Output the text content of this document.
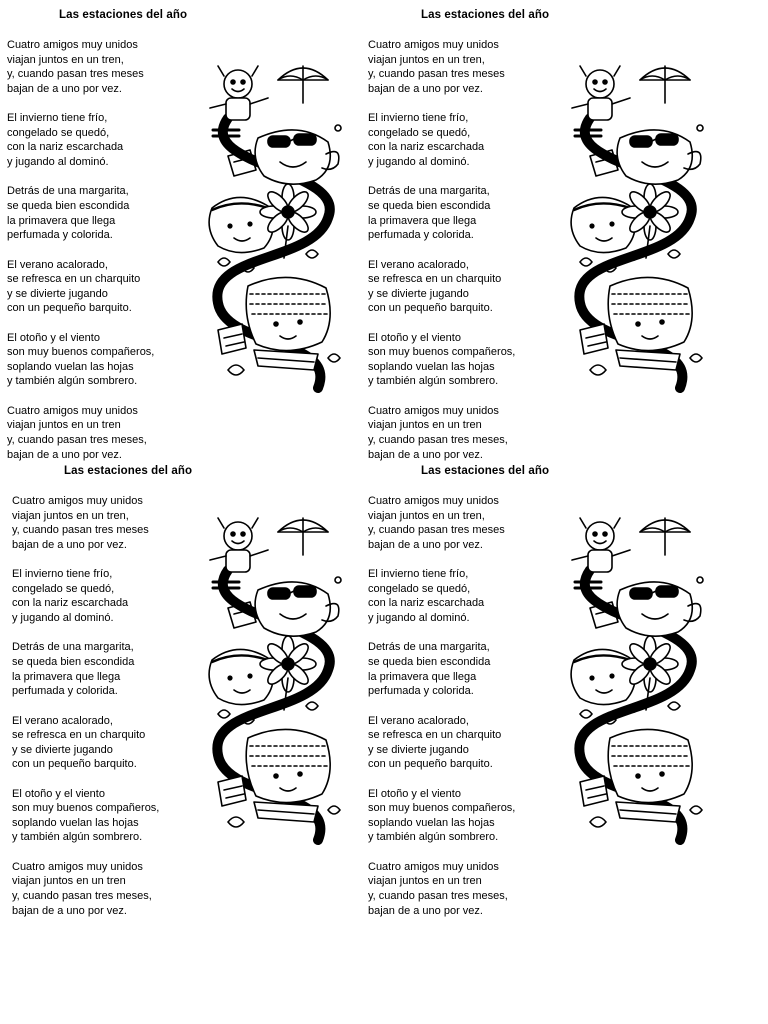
Las estaciones del año
Cuatro amigos muy unidos
viajan juntos en un tren,
y, cuando pasan tres meses
bajan de a uno por vez.
El invierno tiene frío,
congelado se quedó,
con la nariz escarchada
y jugando al dominó.
Detrás de una margarita,
se queda bien escondida
la primavera que llega
perfumada y colorida.
El verano acalorado,
se refresca en un charquito
y se divierte jugando
con un pequeño barquito.
El otoño y el viento
son muy buenos compañeros,
soplando vuelan las hojas
y también algún sombrero.
Cuatro amigos muy unidos
viajan juntos en un tren
y, cuando pasan tres meses,
bajan de a uno por vez.
Las estaciones del año
Cuatro amigos muy unidos
viajan juntos en un tren,
y, cuando pasan tres meses
bajan de a uno por vez.
El invierno tiene frío,
congelado se quedó,
con la nariz escarchada
y jugando al dominó.
Detrás de una margarita,
se queda bien escondida
la primavera que llega
perfumada y colorida.
El verano acalorado,
se refresca en un charquito
y se divierte jugando
con un pequeño barquito.
El otoño y el viento
son muy buenos compañeros,
soplando vuelan las hojas
y también algún sombrero.
Cuatro amigos muy unidos
viajan juntos en un tren
y, cuando pasan tres meses,
bajan de a uno por vez.
Las estaciones del año
Cuatro amigos muy unidos
viajan juntos en un tren,
y, cuando pasan tres meses
bajan de a uno por vez.
El invierno tiene frío,
congelado se quedó,
con la nariz escarchada
y jugando al dominó.
Detrás de una margarita,
se queda bien escondida
la primavera que llega
perfumada y colorida.
El verano acalorado,
se refresca en un charquito
y se divierte jugando
con un pequeño barquito.
El otoño y el viento
son muy buenos compañeros,
soplando vuelan las hojas
y también algún sombrero.
Cuatro amigos muy unidos
viajan juntos en un tren
y, cuando pasan tres meses,
bajan de a uno por vez.
Las estaciones del año
Cuatro amigos muy unidos
viajan juntos en un tren,
y, cuando pasan tres meses
bajan de a uno por vez.
El invierno tiene frío,
congelado se quedó,
con la nariz escarchada
y jugando al dominó.
Detrás de una margarita,
se queda bien escondida
la primavera que llega
perfumada y colorida.
El verano acalorado,
se refresca en un charquito
y se divierte jugando
con un pequeño barquito.
El otoño y el viento
son muy buenos compañeros,
soplando vuelan las hojas
y también algún sombrero.
Cuatro amigos muy unidos
viajan juntos en un tren
y, cuando pasan tres meses,
bajan de a uno por vez.
